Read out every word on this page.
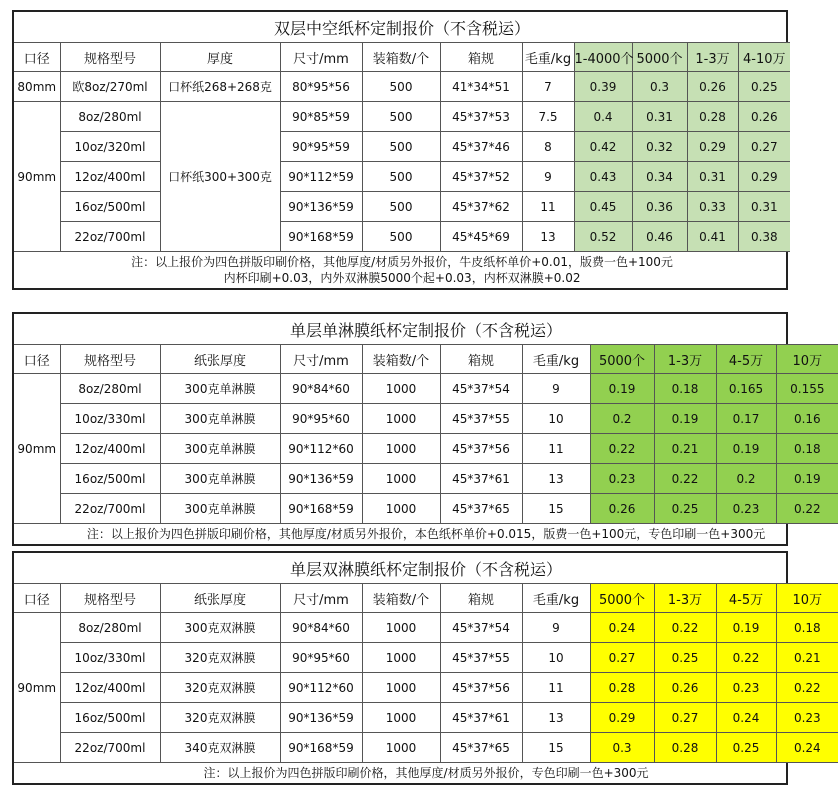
双层中空纸杯定制报价（不含税运）										
口径	规格型号	厚度	尺寸/mm	装箱数/个	箱规	毛重/kg	1-4000个	5000个	1-3万	4-10万
80mm	欧8oz/270ml	口杯纸268+268克	80*95*56	500	41*34*51	7	0.39	0.3	0.26	0.25
90mm	8oz/280ml	口杯纸300+300克	90*85*59	500	45*37*53	7.5	0.4	0.31	0.28	0.26
	10oz/320ml		90*95*59	500	45*37*46	8	0.42	0.32	0.29	0.27
	12oz/400ml		90*112*59	500	45*37*52	9	0.43	0.34	0.31	0.29
	16oz/500ml		90*136*59	500	45*37*62	11	0.45	0.36	0.33	0.31
	22oz/700ml		90*168*59	500	45*45*69	13	0.52	0.46	0.41	0.38

注：以上报价为四色拼版印刷价格，其他厚度/材质另外报价，牛皮纸杯单价+0.01，版费一色+100元
内杯印刷+0.03，内外双淋膜5000个起+0.03，内杯双淋膜+0.02										
单层单淋膜纸杯定制报价（不含税运）										
口径	规格型号	纸张厚度	尺寸/mm	装箱数/个	箱规	毛重/kg	5000个	1-3万	4-5万	10万
90mm	8oz/280ml	300克单淋膜	90*84*60	1000	45*37*54	9	0.19	0.18	0.165	0.155
	10oz/330ml	300克单淋膜	90*95*60	1000	45*37*55	10	0.2	0.19	0.17	0.16
	12oz/400ml	300克单淋膜	90*112*60	1000	45*37*56	11	0.22	0.21	0.19	0.18
	16oz/500ml	300克单淋膜	90*136*59	1000	45*37*61	13	0.23	0.22	0.2	0.19
	22oz/700ml	300克单淋膜	90*168*59	1000	45*37*65	15	0.26	0.25	0.23	0.22
注：以上报价为四色拼版印刷价格，其他厚度/材质另外报价，本色纸杯单价+0.015，版费一色+100元，专色印刷一色+300元										
单层双淋膜纸杯定制报价（不含税运）										
口径	规格型号	纸张厚度	尺寸/mm	装箱数/个	箱规	毛重/kg	5000个	1-3万	4-5万	10万
90mm	8oz/280ml	300克双淋膜	90*84*60	1000	45*37*54	9	0.24	0.22	0.19	0.18
	10oz/330ml	320克双淋膜	90*95*60	1000	45*37*55	10	0.27	0.25	0.22	0.21
	12oz/400ml	320克双淋膜	90*112*60	1000	45*37*56	11	0.28	0.26	0.23	0.22
	16oz/500ml	320克双淋膜	90*136*59	1000	45*37*61	13	0.29	0.27	0.24	0.23
	22oz/700ml	340克双淋膜	90*168*59	1000	45*37*65	15	0.3	0.28	0.25	0.24
注：以上报价为四色拼版印刷价格，其他厚度/材质另外报价，专色印刷一色+300元										
